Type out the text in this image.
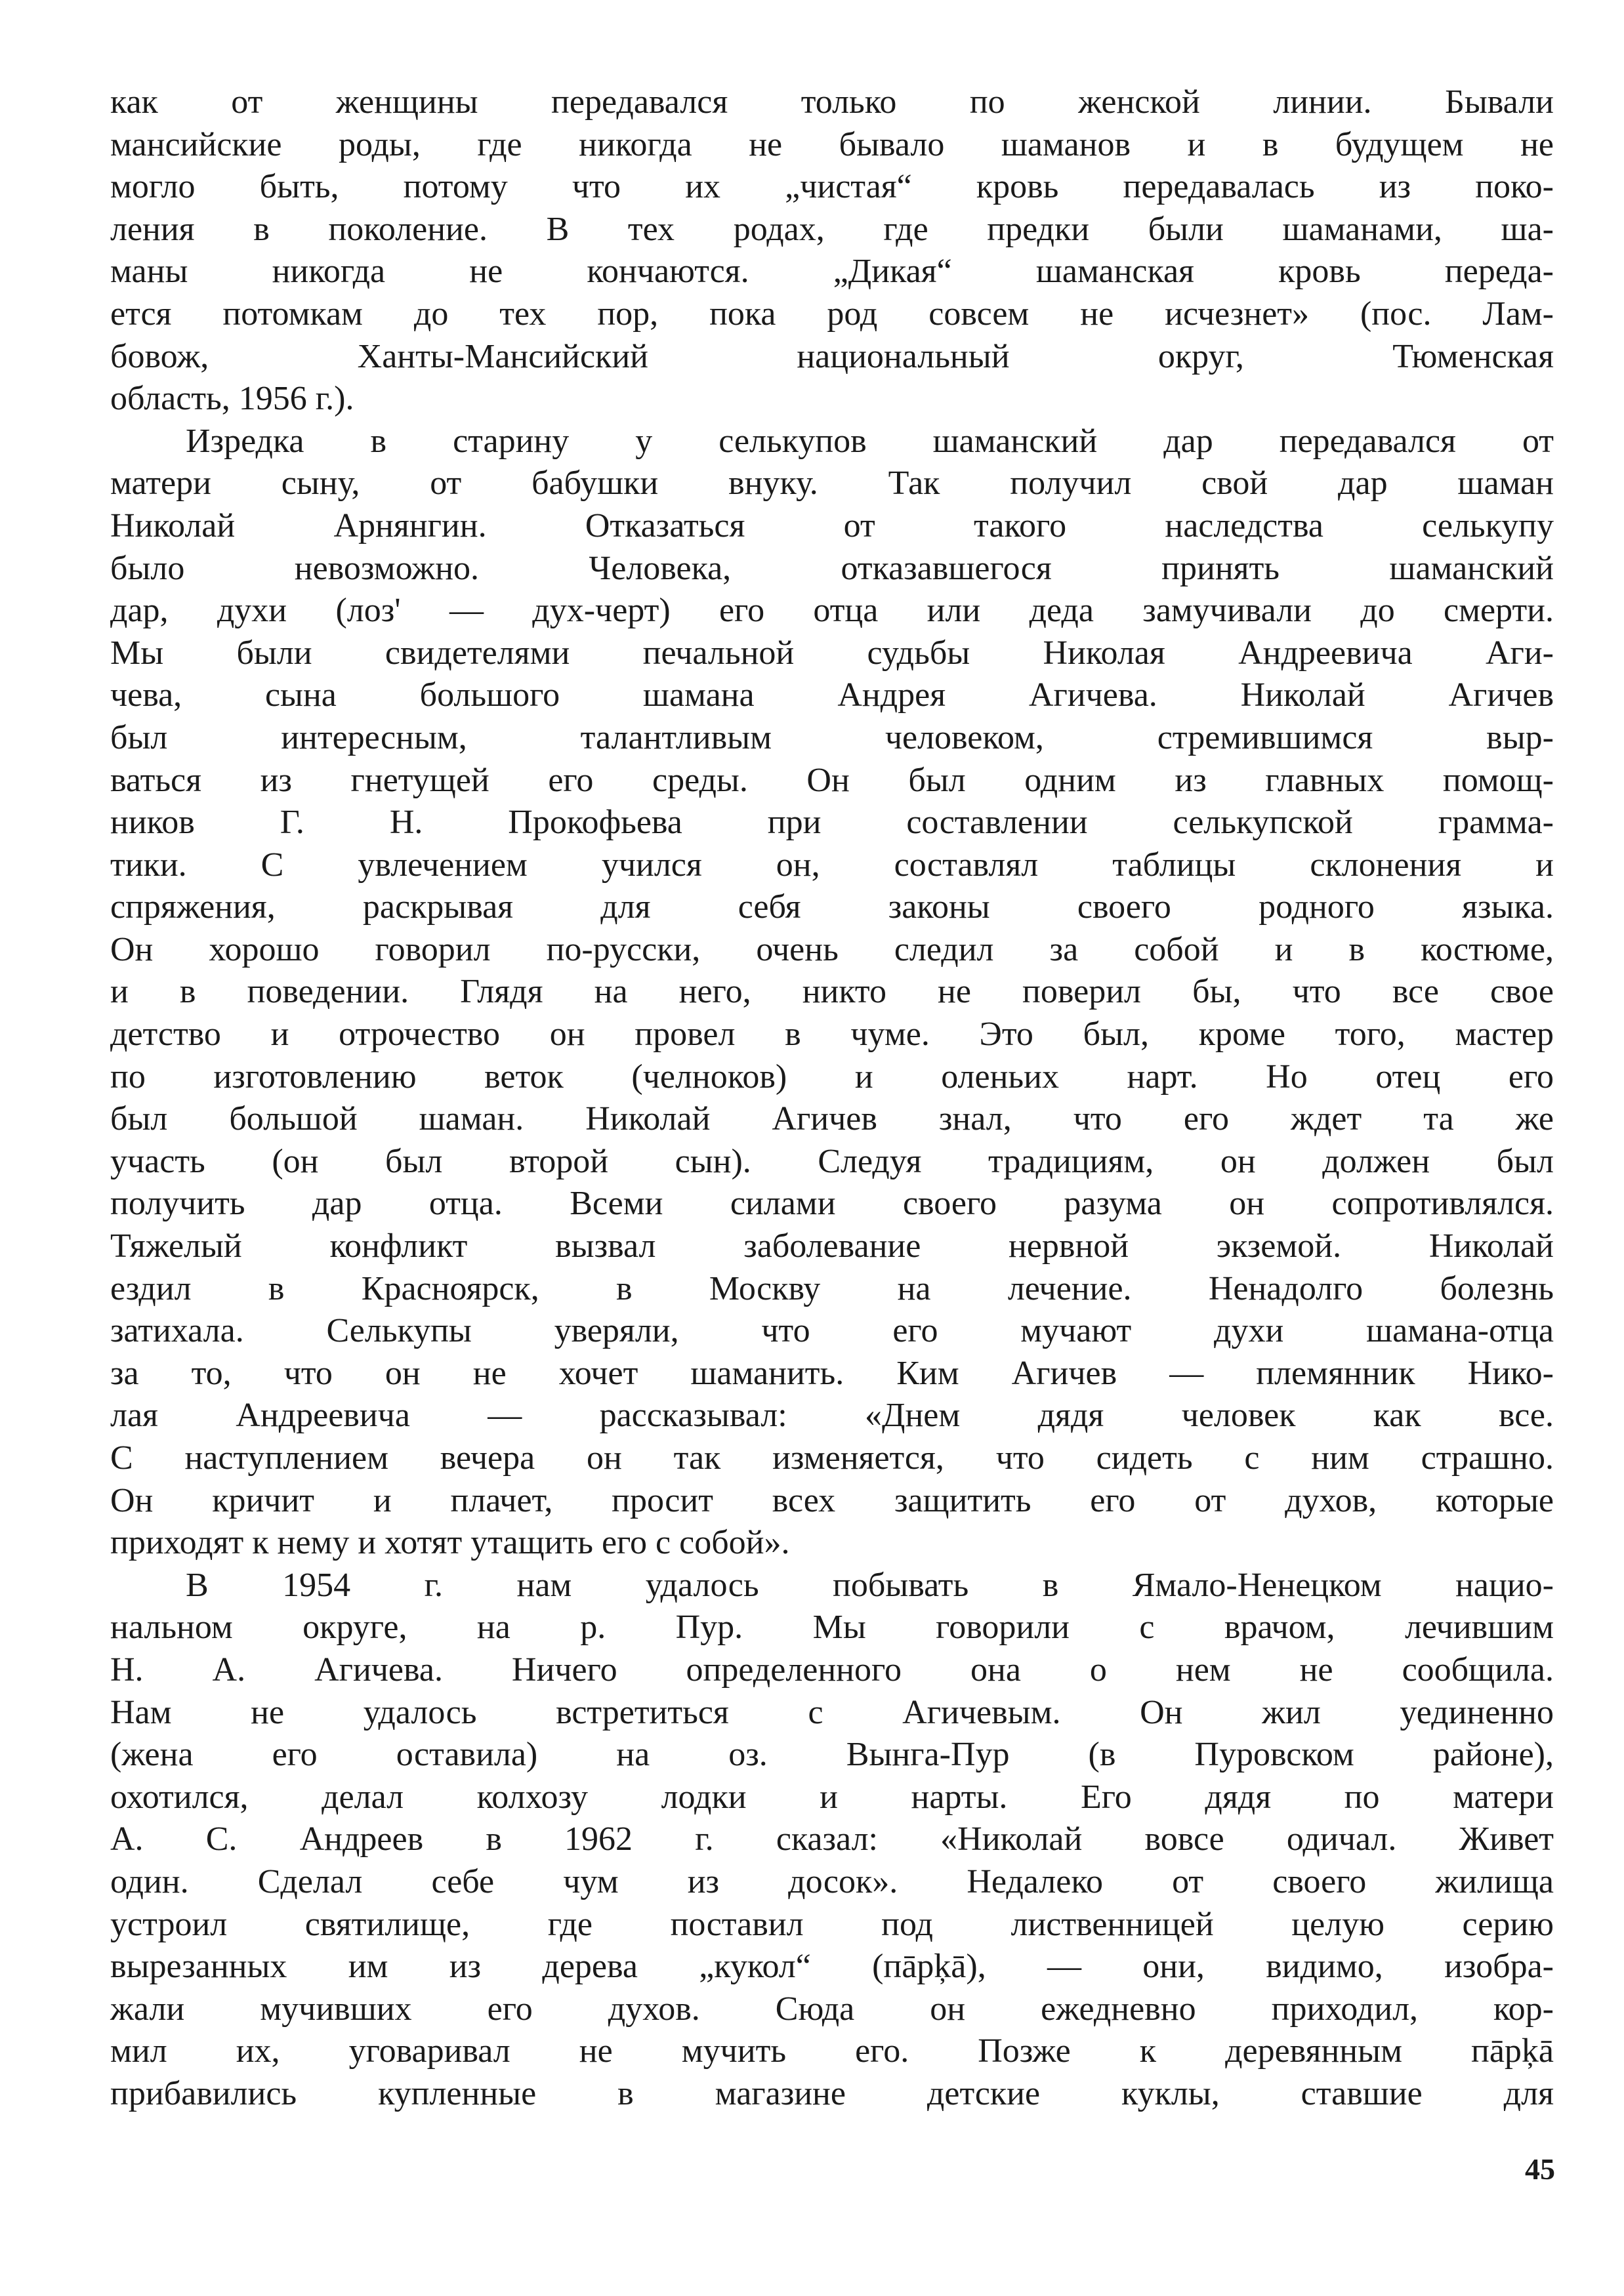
как от женщины передавался только по женской линии. Бывали
мансийские роды, где никогда не бывало шаманов и в будущем не
могло быть, потому что их „чистая“ кровь передавалась из поко-
ления в поколение. В тех родах, где предки были шаманами, ша-
маны никогда не кончаются. „Дикая“ шаманская кровь переда-
ется потомкам до тех пор, пока род совсем не исчезнет» (пос. Лам-
бовож, Ханты-Мансийский национальный округ, Тюменская
область, 1956 г.).
Изредка в старину у селькупов шаманский дар передавался от
матери сыну, от бабушки внуку. Так получил свой дар шаман
Николай Арнянгин. Отказаться от такого наследства селькупу
было невозможно. Человека, отказавшегося принять шаманский
дар, духи (лоз' — дух-черт) его отца или деда замучивали до смерти.
Мы были свидетелями печальной судьбы Николая Андреевича Аги-
чева, сына большого шамана Андрея Агичева. Николай Агичев
был интересным, талантливым человеком, стремившимся выр-
ваться из гнетущей его среды. Он был одним из главных помощ-
ников Г. Н. Прокофьева при составлении селькупской грамма-
тики. С увлечением учился он, составлял таблицы склонения и
спряжения, раскрывая для себя законы своего родного языка.
Он хорошо говорил по-русски, очень следил за собой и в костюме,
и в поведении. Глядя на него, никто не поверил бы, что все свое
детство и отрочество он провел в чуме. Это был, кроме того, мастер
по изготовлению веток (челноков) и оленьих нарт. Но отец его
был большой шаман. Николай Агичев знал, что его ждет та же
участь (он был второй сын). Следуя традициям, он должен был
получить дар отца. Всеми силами своего разума он сопротивлялся.
Тяжелый конфликт вызвал заболевание нервной экземой. Николай
ездил в Красноярск, в Москву на лечение. Ненадолго болезнь
затихала. Селькупы уверяли, что его мучают духи шамана-отца
за то, что он не хочет шаманить. Ким Агичев — племянник Нико-
лая Андреевича — рассказывал: «Днем дядя человек как все.
С наступлением вечера он так изменяется, что сидеть с ним страшно.
Он кричит и плачет, просит всех защитить его от духов, которые
приходят к нему и хотят утащить его с собой».
В 1954 г. нам удалось побывать в Ямало-Ненецком нацио-
нальном округе, на р. Пур. Мы говорили с врачом, лечившим
Н. А. Агичева. Ничего определенного она о нем не сообщила.
Нам не удалось встретиться с Агичевым. Он жил уединенно
(жена его оставила) на оз. Вынга-Пур (в Пуровском районе),
охотился, делал колхозу лодки и нарты. Его дядя по матери
А. С. Андреев в 1962 г. сказал: «Николай вовсе одичал. Живет
один. Сделал себе чум из досок». Недалеко от своего жилища
устроил святилище, где поставил под лиственницей целую серию
вырезанных им из дерева „кукол“ (пāрķā), — они, видимо, изобра-
жали мучивших его духов. Сюда он ежедневно приходил, кор-
мил их, уговаривал не мучить его. Позже к деревянным пāрķā
прибавились купленные в магазине детские куклы, ставшие для
45
